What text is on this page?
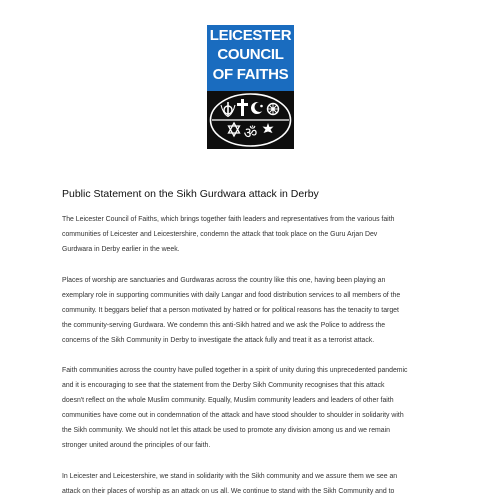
LEICESTER
COUNCIL
OF FAITHS
ॐ
Public Statement on the Sikh Gurdwara attack in Derby
The Leicester Council of Faiths, which brings together faith leaders and representatives from the various faith
communities of Leicester and Leicestershire, condemn the attack that took place on the Guru Arjan Dev
Gurdwara in Derby earlier in the week.
Places of worship are sanctuaries and Gurdwaras across the country like this one, having been playing an
exemplary role in supporting communities with daily Langar and food distribution services to all members of the
community. It beggars belief that a person motivated by hatred or for political reasons has the tenacity to target
the community-serving Gurdwara. We condemn this anti-Sikh hatred and we ask the Police to address the
concerns of the Sikh Community in Derby to investigate the attack fully and treat it as a terrorist attack.
Faith communities across the country have pulled together in a spirit of unity during this unprecedented pandemic
and it is encouraging to see that the statement from the Derby Sikh Community recognises that this attack
doesn't reflect on the whole Muslim community. Equally, Muslim community leaders and leaders of other faith
communities have come out in condemnation of the attack and have stood shoulder to shoulder in solidarity with
the Sikh community. We should not let this attack be used to promote any division among us and we remain
stronger united around the principles of our faith.
In Leicester and Leicestershire, we stand in solidarity with the Sikh community and we assure them we see an
attack on their places of worship as an attack on us all. We continue to stand with the Sikh Community and to
